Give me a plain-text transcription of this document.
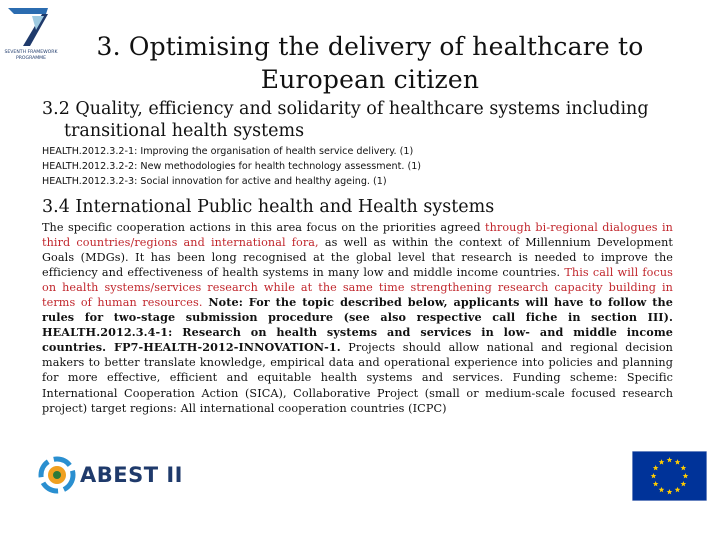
SEVENTH FRAMEWORK
PROGRAMME	3. Optimising the delivery of healthcare to European citizen
3.2 Quality, efficiency and solidarity of healthcare systems including
transitional health systems
HEALTH.2012.3.2-1: Improving the organisation of health service delivery. (1)
HEALTH.2012.3.2-2: New methodologies for health technology assessment. (1)
HEALTH.2012.3.2-3: Social innovation for active and healthy ageing. (1)
3.4 International Public health and Health systems

The specific cooperation actions in this area focus on the priorities agreed through bi-regional dialogues in third countries/regions and international fora, as well as within the context of Millennium Development Goals (MDGs). It has been long recognised at the global level that research is needed to improve the efficiency and effectiveness of health systems in many low and middle income countries. This call will focus on health systems/services research while at the same time strengthening research capacity building in terms of human resources. Note: For the topic described below, applicants will have to follow the rules for two-stage submission procedure (see also respective call fiche in section III). HEALTH.2012.3.4-1: Research on health systems and services in low- and middle income countries. FP7-HEALTH-2012-INNOVATION-1. Projects should allow national and regional decision makers to better translate knowledge, empirical data and operational experience into policies and planning for more effective, efficient and equitable health systems and services. Funding scheme: Specific International Cooperation Action (SICA), Collaborative Project (small or medium-scale focused research project) target regions: All international cooperation countries (ICPC)

ABEST II
